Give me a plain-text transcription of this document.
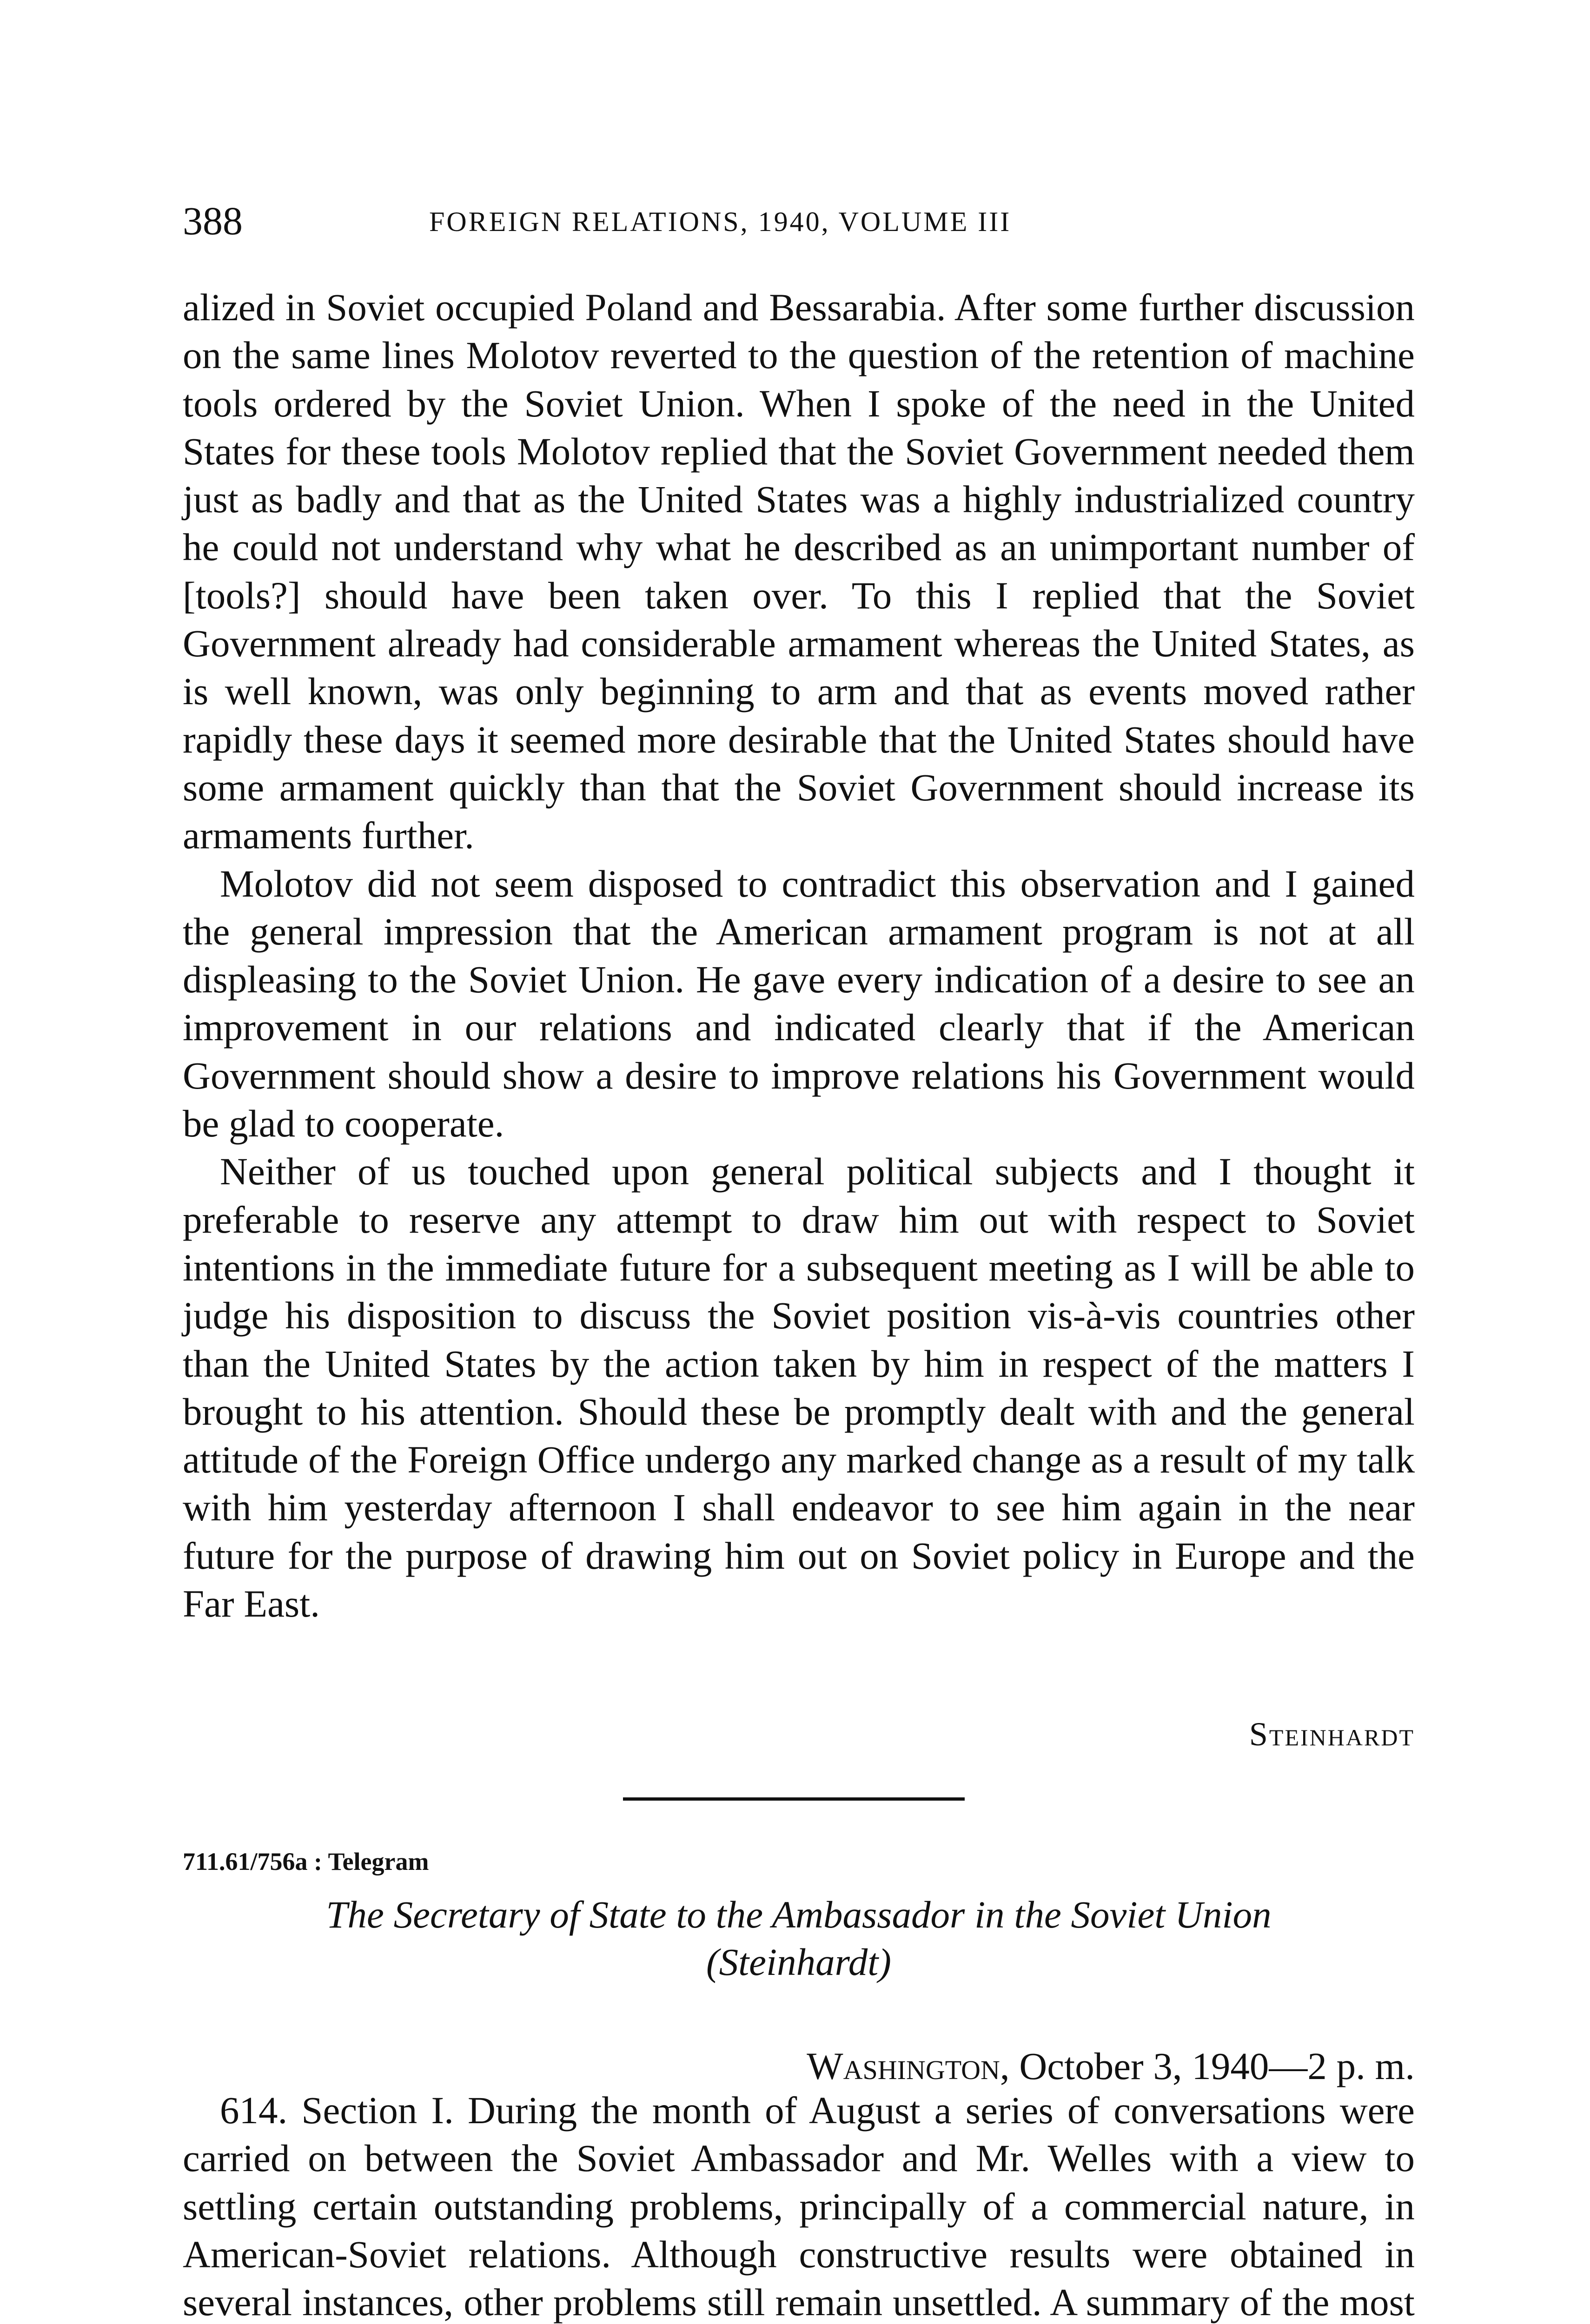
388	FOREIGN RELATIONS, 1940, VOLUME III

alized in Soviet occupied Poland and Bessarabia. After some further discussion on the same lines Molotov reverted to the question of the retention of machine tools ordered by the Soviet Union. When I spoke of the need in the United States for these tools Molotov replied that the Soviet Government needed them just as badly and that as the United States was a highly industrialized country he could not understand why what he described as an unimportant number of [tools?] should have been taken over. To this I replied that the Soviet Government already had considerable armament whereas the United States, as is well known, was only beginning to arm and that as events moved rather rapidly these days it seemed more desirable that the United States should have some armament quickly than that the Soviet Government should increase its armaments further.

Molotov did not seem disposed to contradict this observation and I gained the general impression that the American armament program is not at all displeasing to the Soviet Union. He gave every indication of a desire to see an improvement in our relations and indicated clearly that if the American Government should show a desire to improve relations his Government would be glad to cooperate.

Neither of us touched upon general political subjects and I thought it preferable to reserve any attempt to draw him out with respect to Soviet intentions in the immediate future for a subsequent meeting as I will be able to judge his disposition to discuss the Soviet position vis-à-vis countries other than the United States by the action taken by him in respect of the matters I brought to his attention. Should these be promptly dealt with and the general attitude of the Foreign Office undergo any marked change as a result of my talk with him yesterday afternoon I shall endeavor to see him again in the near future for the purpose of drawing him out on Soviet policy in Europe and the Far East.

Steinhardt
711.61/756a : Telegram
The Secretary of State to the Ambassador in the Soviet Union
(Steinhardt)
Washington, October 3, 1940—2 p. m.

614. Section I. During the month of August a series of conversations were carried on between the Soviet Ambassador and Mr. Welles with a view to settling certain outstanding problems, principally of a commercial nature, in American-Soviet relations. Although constructive results were obtained in several instances, other problems still remain unsettled. A summary of the most
